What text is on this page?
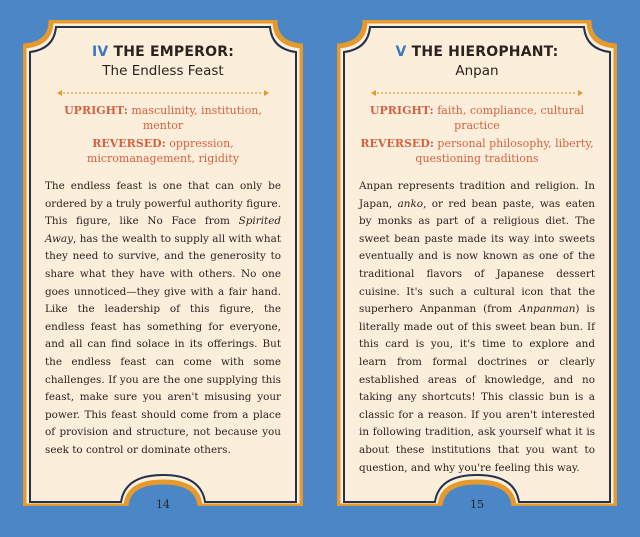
IV THE EMPEROR:

The Endless Feast

UPRIGHT: masculinity, institution, mentor

REVERSED: oppression, micromanagement, rigidity

The endless feast is one that can only be ordered by a truly powerful authority figure. This figure, like No Face from Spirited Away, has the wealth to supply all with what they need to survive, and the generosity to share what they have with others. No one goes unnoticed—they give with a fair hand. Like the leadership of this figure, the endless feast has something for everyone, and all can find solace in its offerings. But the endless feast can come with some challenges. If you are the one supplying this feast, make sure you aren't misusing your power. This feast should come from a place of provision and structure, not because you seek to control or dominate others.
14

V THE HIEROPHANT:

Anpan

UPRIGHT: faith, compliance, cultural practice

REVERSED: personal philosophy, liberty, questioning traditions

Anpan represents tradition and religion. In Japan, anko, or red bean paste, was eaten by monks as part of a religious diet. The sweet bean paste made its way into sweets eventually and is now known as one of the traditional flavors of Japanese dessert cuisine. It's such a cultural icon that the superhero Anpanman (from Anpanman) is literally made out of this sweet bean bun. If this card is you, it's time to explore and learn from formal doctrines or clearly established areas of knowledge, and no taking any shortcuts! This classic bun is a classic for a reason. If you aren't interested in following tradition, ask yourself what it is about these institutions that you want to question, and why you're feeling this way.
15
